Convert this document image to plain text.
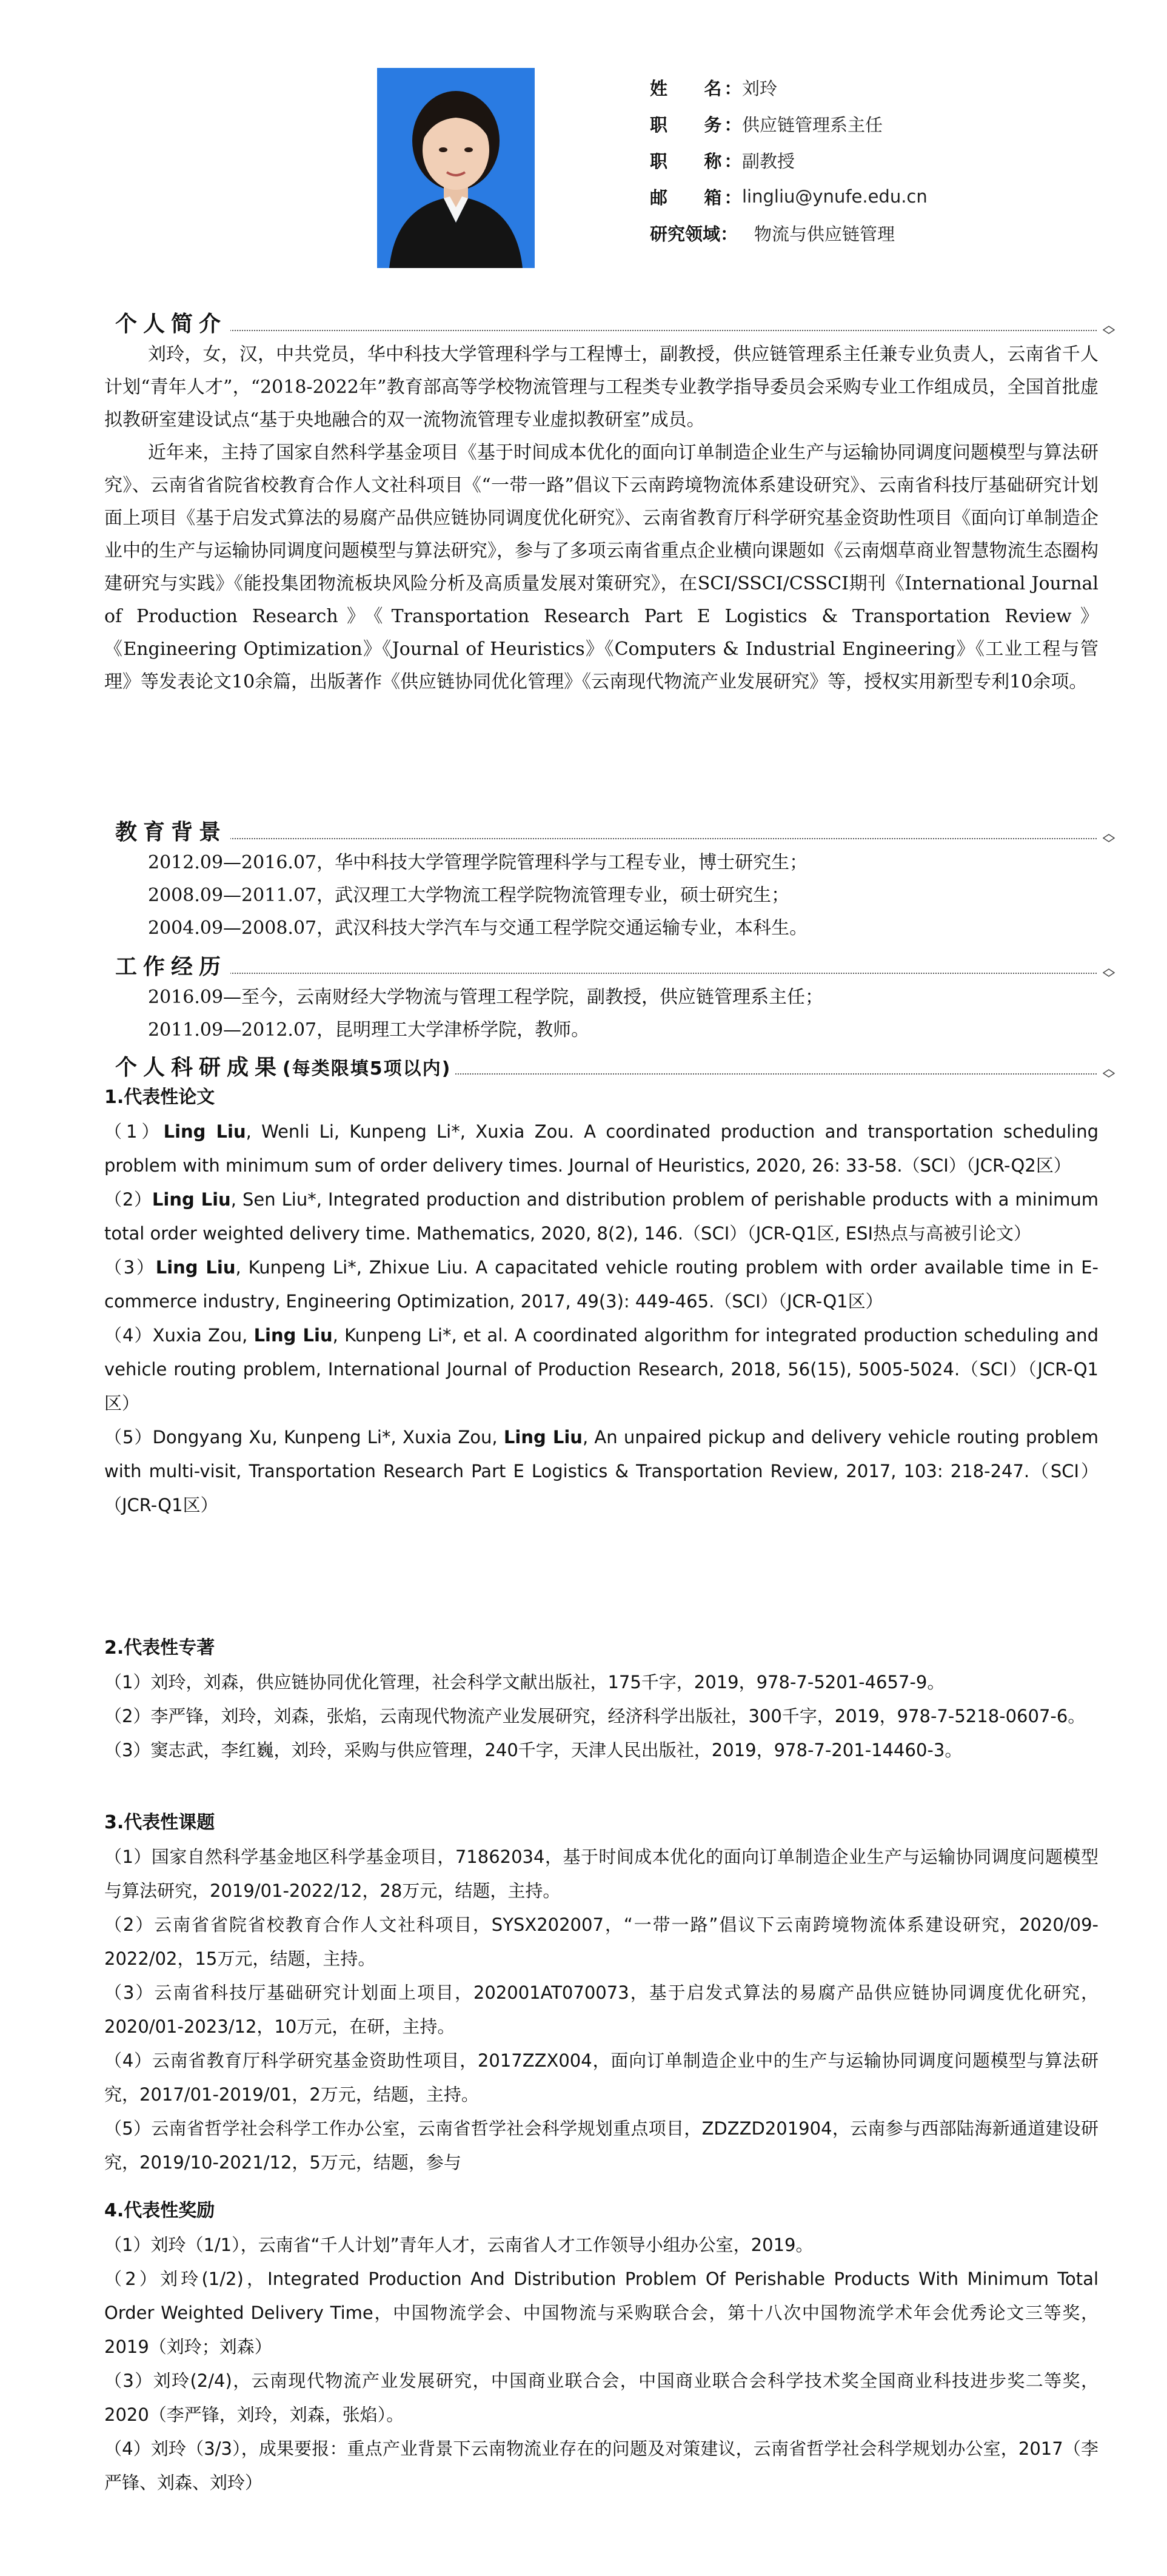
姓    名：
刘玲
职    务：
供应链管理系主任
职    称：
副教授
邮    箱：
lingliu@ynufe.edu.cn
研究领域： 物流与供应链管理
个人简介

刘玲，女，汉，中共党员，华中科技大学管理科学与工程博士，副教授，供应链管理系主任兼专业负责人，云南省千人计划“青年人才”，“2018-2022年”教育部高等学校物流管理与工程类专业教学指导委员会采购专业工作组成员，全国首批虚拟教研室建设试点“基于央地融合的双一流物流管理专业虚拟教研室”成员。

近年来，主持了国家自然科学基金项目《基于时间成本优化的面向订单制造企业生产与运输协同调度问题模型与算法研究》、云南省省院省校教育合作人文社科项目《“一带一路”倡议下云南跨境物流体系建设研究》、云南省科技厅基础研究计划面上项目《基于启发式算法的易腐产品供应链协同调度优化研究》、云南省教育厅科学研究基金资助性项目《面向订单制造企业中的生产与运输协同调度问题模型与算法研究》，参与了多项云南省重点企业横向课题如《云南烟草商业智慧物流生态圈构建研究与实践》《能投集团物流板块风险分析及高质量发展对策研究》，在SCI/SSCI/CSSCI期刊《International Journal of Production Research》《Transportation Research Part E Logistics & Transportation Review》《Engineering Optimization》《Journal of Heuristics》《Computers & Industrial Engineering》《工业工程与管理》等发表论文10余篇，出版著作《供应链协同优化管理》《云南现代物流产业发展研究》等，授权实用新型专利10余项。

教育背景

2012.09—2016.07，华中科技大学管理学院管理科学与工程专业，博士研究生；

2008.09—2011.07，武汉理工大学物流工程学院物流管理专业，硕士研究生；

2004.09—2008.07，武汉科技大学汽车与交通工程学院交通运输专业，本科生。

工作经历

2016.09—至今，云南财经大学物流与管理工程学院，副教授，供应链管理系主任；

2011.09—2012.07，昆明理工大学津桥学院，教师。

个人科研成果(每类限填5项以内)
1.代表性论文

（1）Ling Liu, Wenli Li, Kunpeng Li*, Xuxia Zou. A coordinated production and transportation scheduling problem with minimum sum of order delivery times. Journal of Heuristics, 2020, 26: 33-58.（SCI）（JCR-Q2区）

（2）Ling Liu, Sen Liu*, Integrated production and distribution problem of perishable products with a minimum total order weighted delivery time. Mathematics, 2020, 8(2), 146.（SCI）（JCR-Q1区, ESI热点与高被引论文）

（3）Ling Liu, Kunpeng Li*, Zhixue Liu. A capacitated vehicle routing problem with order available time in E-commerce industry, Engineering Optimization, 2017, 49(3): 449-465.（SCI）（JCR-Q1区）

（4）Xuxia Zou, Ling Liu, Kunpeng Li*, et al. A coordinated algorithm for integrated production scheduling and vehicle routing problem, International Journal of Production Research, 2018, 56(15), 5005-5024.（SCI）（JCR-Q1区）

（5）Dongyang Xu, Kunpeng Li*, Xuxia Zou, Ling Liu, An unpaired pickup and delivery vehicle routing problem with multi-visit, Transportation Research Part E Logistics & Transportation Review, 2017, 103: 218-247.（SCI）（JCR-Q1区）

2.代表性专著

（1）刘玲，刘森，供应链协同优化管理，社会科学文献出版社，175千字，2019，978-7-5201-4657-9。

（2）李严锋，刘玲，刘森，张焰，云南现代物流产业发展研究，经济科学出版社，300千字，2019，978-7-5218-0607-6。

（3）窦志武，李红巍，刘玲，采购与供应管理，240千字，天津人民出版社，2019，978-7-201-14460-3。

3.代表性课题

（1）国家自然科学基金地区科学基金项目，71862034，基于时间成本优化的面向订单制造企业生产与运输协同调度问题模型与算法研究，2019/01-2022/12，28万元，结题，主持。

（2）云南省省院省校教育合作人文社科项目，SYSX202007，“一带一路”倡议下云南跨境物流体系建设研究，2020/09-2022/02，15万元，结题，主持。

（3）云南省科技厅基础研究计划面上项目，202001AT070073，基于启发式算法的易腐产品供应链协同调度优化研究，2020/01-2023/12，10万元，在研，主持。

（4）云南省教育厅科学研究基金资助性项目，2017ZZX004，面向订单制造企业中的生产与运输协同调度问题模型与算法研究，2017/01-2019/01，2万元，结题，主持。

（5）云南省哲学社会科学工作办公室，云南省哲学社会科学规划重点项目，ZDZZD201904，云南参与西部陆海新通道建设研究，2019/10-2021/12，5万元，结题，参与

4.代表性奖励

（1）刘玲（1/1），云南省“千人计划”青年人才，云南省人才工作领导小组办公室，2019。

（2）刘玲(1/2)，Integrated Production And Distribution Problem Of Perishable Products With Minimum Total Order Weighted Delivery Time，中国物流学会、中国物流与采购联合会，第十八次中国物流学术年会优秀论文三等奖，2019（刘玲；刘森）

（3）刘玲(2/4)，云南现代物流产业发展研究，中国商业联合会，中国商业联合会科学技术奖全国商业科技进步奖二等奖，2020（李严锋，刘玲，刘森，张焰）。

（4）刘玲（3/3），成果要报：重点产业背景下云南物流业存在的问题及对策建议，云南省哲学社会科学规划办公室，2017（李严锋、刘森、刘玲）
